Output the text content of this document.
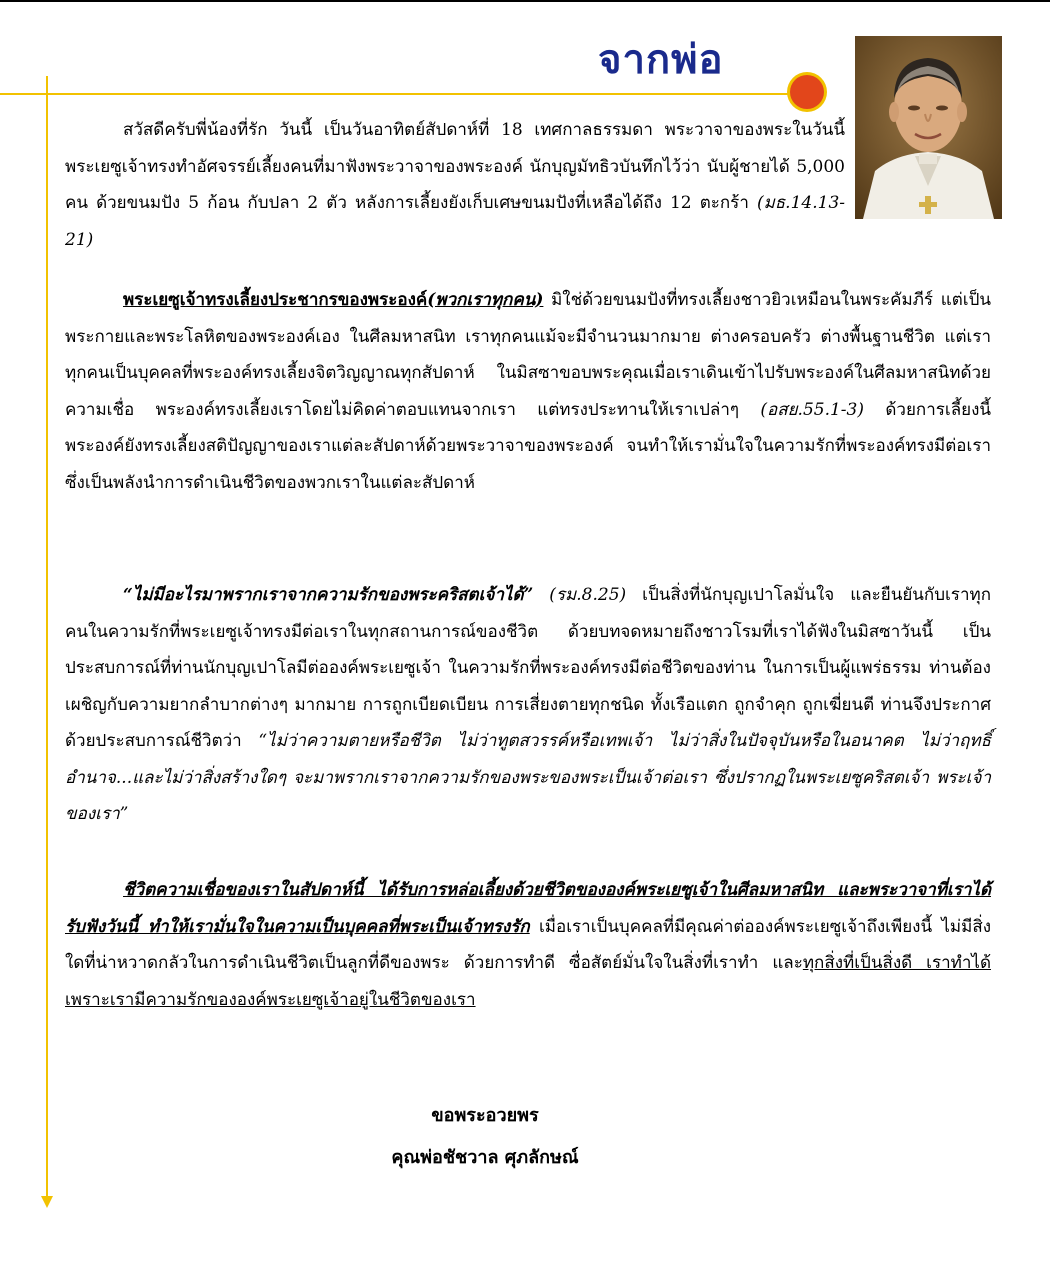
จากพ่อ

สวัสดีครับพี่น้องที่รัก วันนี้ เป็นวันอาทิตย์สัปดาห์ที่ 18 เทศกาลธรรมดา พระวาจาของพระในวันนี้ พระเยซูเจ้าทรงทำอัศจรรย์เลี้ยงคนที่มาฟังพระวาจาของพระองค์ นักบุญมัทธิวบันทึกไว้ว่า นับผู้ชายได้ 5,000 คน ด้วยขนมปัง 5 ก้อน กับปลา 2 ตัว หลังการเลี้ยงยังเก็บเศษขนมปังที่เหลือได้ถึง 12 ตะกร้า (มธ.14.13-21)

พระเยซูเจ้าทรงเลี้ยงประชากรของพระองค์(พวกเราทุกคน) มิใช่ด้วยขนมปังที่ทรงเลี้ยงชาวยิวเหมือนในพระคัมภีร์ แต่เป็นพระกายและพระโลหิตของพระองค์เอง ในศีลมหาสนิท เราทุกคนแม้จะมีจำนวนมากมาย ต่างครอบครัว ต่างพื้นฐานชีวิต แต่เราทุกคนเป็นบุคคลที่พระองค์ทรงเลี้ยงจิตวิญญาณทุกสัปดาห์ ในมิสซาขอบพระคุณเมื่อเราเดินเข้าไปรับพระองค์ในศีลมหาสนิทด้วยความเชื่อ พระองค์ทรงเลี้ยงเราโดยไม่คิดค่าตอบแทนจากเรา แต่ทรงประทานให้เราเปล่าๆ (อสย.55.1-3) ด้วยการเลี้ยงนี้ พระองค์ยังทรงเลี้ยงสติปัญญาของเราแต่ละสัปดาห์ด้วยพระวาจาของพระองค์ จนทำให้เรามั่นใจในความรักที่พระองค์ทรงมีต่อเรา ซึ่งเป็นพลังนำการดำเนินชีวิตของพวกเราในแต่ละสัปดาห์

“ไม่มีอะไรมาพรากเราจากความรักของพระคริสตเจ้าได้” (รม.8.25) เป็นสิ่งที่นักบุญเปาโลมั่นใจ และยืนยันกับเราทุกคนในความรักที่พระเยซูเจ้าทรงมีต่อเราในทุกสถานการณ์ของชีวิต ด้วยบทจดหมายถึงชาวโรมที่เราได้ฟังในมิสซาวันนี้ เป็นประสบการณ์ที่ท่านนักบุญเปาโลมีต่อองค์พระเยซูเจ้า ในความรักที่พระองค์ทรงมีต่อชีวิตของท่าน ในการเป็นผู้แพร่ธรรม ท่านต้องเผชิญกับความยากลำบากต่างๆ มากมาย การถูกเบียดเบียน การเสี่ยงตายทุกชนิด ทั้งเรือแตก ถูกจำคุก ถูกเฆี่ยนตี ท่านจึงประกาศด้วยประสบการณ์ชีวิตว่า “ไม่ว่าความตายหรือชีวิต ไม่ว่าทูตสวรรค์หรือเทพเจ้า ไม่ว่าสิ่งในปัจจุบันหรือในอนาคต ไม่ว่าฤทธิ์อำนาจ...และไม่ว่าสิ่งสร้างใดๆ จะมาพรากเราจากความรักของพระของพระเป็นเจ้าต่อเรา ซึ่งปรากฏในพระเยซูคริสตเจ้า พระเจ้าของเรา”

ชีวิตความเชื่อของเราในสัปดาห์นี้ ได้รับการหล่อเลี้ยงด้วยชีวิตขององค์พระเยซูเจ้าในศีลมหาสนิท และพระวาจาที่เราได้รับฟังวันนี้ ทำให้เรามั่นใจในความเป็นบุคคลที่พระเป็นเจ้าทรงรัก เมื่อเราเป็นบุคคลที่มีคุณค่าต่อองค์พระเยซูเจ้าถึงเพียงนี้ ไม่มีสิ่งใดที่น่าหวาดกลัวในการดำเนินชีวิตเป็นลูกที่ดีของพระ ด้วยการทำดี ซื่อสัตย์มั่นใจในสิ่งที่เราทำ และทุกสิ่งที่เป็นสิ่งดี เราทำได้ เพราะเรามีความรักขององค์พระเยซูเจ้าอยู่ในชีวิตของเรา

ขอพระอวยพร
คุณพ่อชัชวาล ศุภลักษณ์
